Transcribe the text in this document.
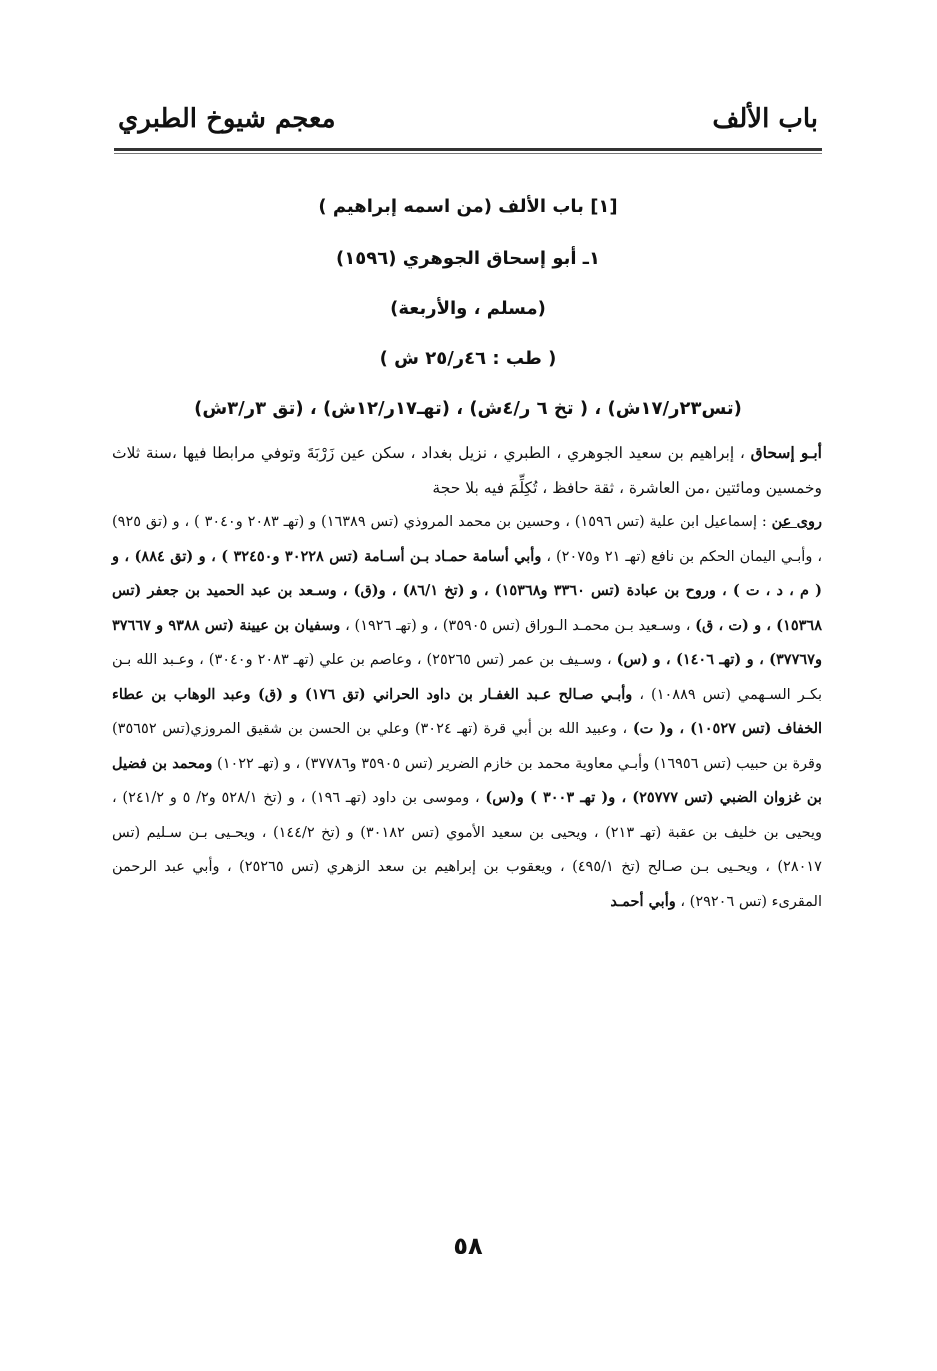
باب الألف
معجم شيوخ الطبري
[١] باب الألف (من اسمه إبراهيم )
١ـ أبو إسحاق الجوهري (١٥٩٦)
(مسلم ، والأربعة)
( طب : ٤٦ر/٢٥ ش )
(تس٢٣ر/١٧ش) ، ( تخ ٦ ر/٤ش) ، (تهـ١٧ر/١٢ش) ، (تق ٣ر/٣ش)

أبـو إسحاق ، إبراهيم بن سعيد الجوهري ، الطبري ، نزيل بغداد ، سكن عين زَرْبَةَ وتوفي مرابطا فيها ،سنة ثلاث وخمسين ومائتين ،من العاشرة ، ثقة حافظ ، تُكِلِّمَ فيه بلا حجة

روى عن : إسماعيل ابن علية (تس ١٥٩٦) ، وحسين بن محمد المروذي (تس ١٦٣٨٩) و (تهـ ٢٠٨٣ و٣٠٤٠ ) ، و (تق ٩٢٥) ، وأبـي اليمان الحكم بن نافع (تهـ ٢١ و٢٠٧٥) ، وأبي أسامة حمـاد بـن أسـامة (تس ٣٠٢٢٨ و٣٢٤٥٠ ) ، و (تق ٨٨٤) ، و ( م ، د ، ت ) ، وروح بن عبادة (تس ٣٣٦٠ و١٥٣٦٨) ، و (تخ ٨٦/١) ، و(ق) ، وسـعد بن عبد الحميد بن جعفر (تس ١٥٣٦٨) ، و (ت ، ق) ، وسـعيد بـن محمـد الـوراق (تس ٣٥٩٠٥) ، و (تهـ ١٩٢٦) ، وسفيان بن عيينة (تس ٩٣٨٨ و ٣٧٦٦٧ و٣٧٧٦٧) ، و (تهـ ١٤٠٦) ، و (س) ، وسـيف بن عمر (تس ٢٥٢٦٥) ، وعاصم بن علي (تهـ ٢٠٨٣ و٣٠٤٠) ، وعـبد الله بـن بكـر السـهمي (تس ١٠٨٨٩) ، وأبـي صـالح عـبد الغفـار بن داود الحراني (تق ١٧٦) و (ق) وعبد الوهاب بن عطاء الخفاف (تس ١٠٥٢٧) ، و( ت) ، وعبيد الله بن أبي قرة (تهـ ٣٠٢٤) وعلي بن الحسن بن شقيق المروزي(تس ٣٥٦٥٢) وقرة بن حبيب (تس ١٦٩٥٦) وأبـي معاوية محمد بن خازم الضرير (تس ٣٥٩٠٥ و٣٧٧٨٦) ، و (تهـ ١٠٢٢) ومحمد بن فضيل بن غزوان الضبي (تس ٢٥٧٧٧) ، و( تهـ ٣٠٠٣ ) و(س) ، وموسى بن داود (تهـ ١٩٦) ، و (تخ ٥٢٨/١ و٢/ ٥ و ٢٤١/٢) ، ويحيى بن خليف بن عقبة (تهـ ٢١٣) ، ويحيى بن سعيد الأموي (تس ٣٠١٨٢) و (تخ ١٤٤/٢) ، ويحـيى بـن سـليم (تس ٢٨٠١٧) ، ويحـيى بـن صـالح (تخ ٤٩٥/١) ، ويعقوب بن إبراهيم بن سعد الزهري (تس ٢٥٢٦٥) ، وأبي عبد الرحمن المقرىء (تس ٢٩٢٠٦) ، وأبي أحمـد

٥٨
